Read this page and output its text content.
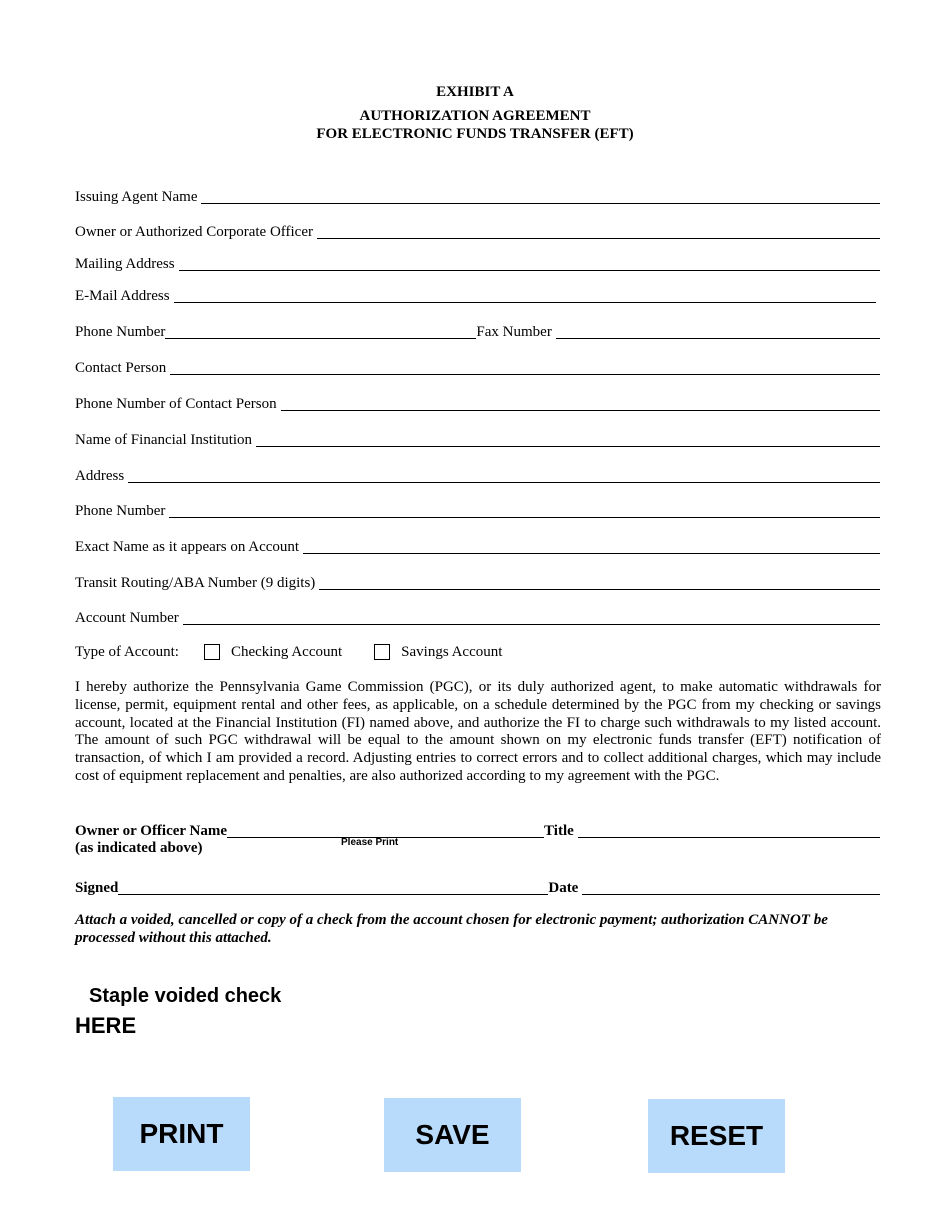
EXHIBIT A
AUTHORIZATION AGREEMENT
FOR ELECTRONIC FUNDS TRANSFER (EFT)
Issuing Agent Name
Owner or Authorized Corporate Officer
Mailing Address
E-Mail Address
Phone Number	Fax Number
Contact Person
Phone Number of Contact Person
Name of Financial Institution
Address
Phone Number
Exact Name as it appears on Account
Transit Routing/ABA Number (9 digits)
Account Number
Type of Account:	Checking Account	Savings Account
I hereby authorize the Pennsylvania Game Commission (PGC), or its duly authorized agent, to make automatic withdrawals for license, permit, equipment rental and other fees, as applicable, on a schedule determined by the PGC from my checking or savings account, located at the Financial Institution (FI) named above, and authorize the FI to charge such withdrawals to my listed account. The amount of such PGC withdrawal will be equal to the amount shown on my electronic funds transfer (EFT) notification of transaction, of which I am provided a record. Adjusting entries to correct errors and to collect additional charges, which may include cost of equipment replacement and penalties, are also authorized according to my agreement with the PGC.
Owner or Officer Name	Title
Please Print
(as indicated above)
Signed	Date
Attach a voided, cancelled or copy of a check from the account chosen for electronic payment; authorization CANNOT be processed without this attached.
Staple voided check
HERE
PRINT	SAVE	RESET
